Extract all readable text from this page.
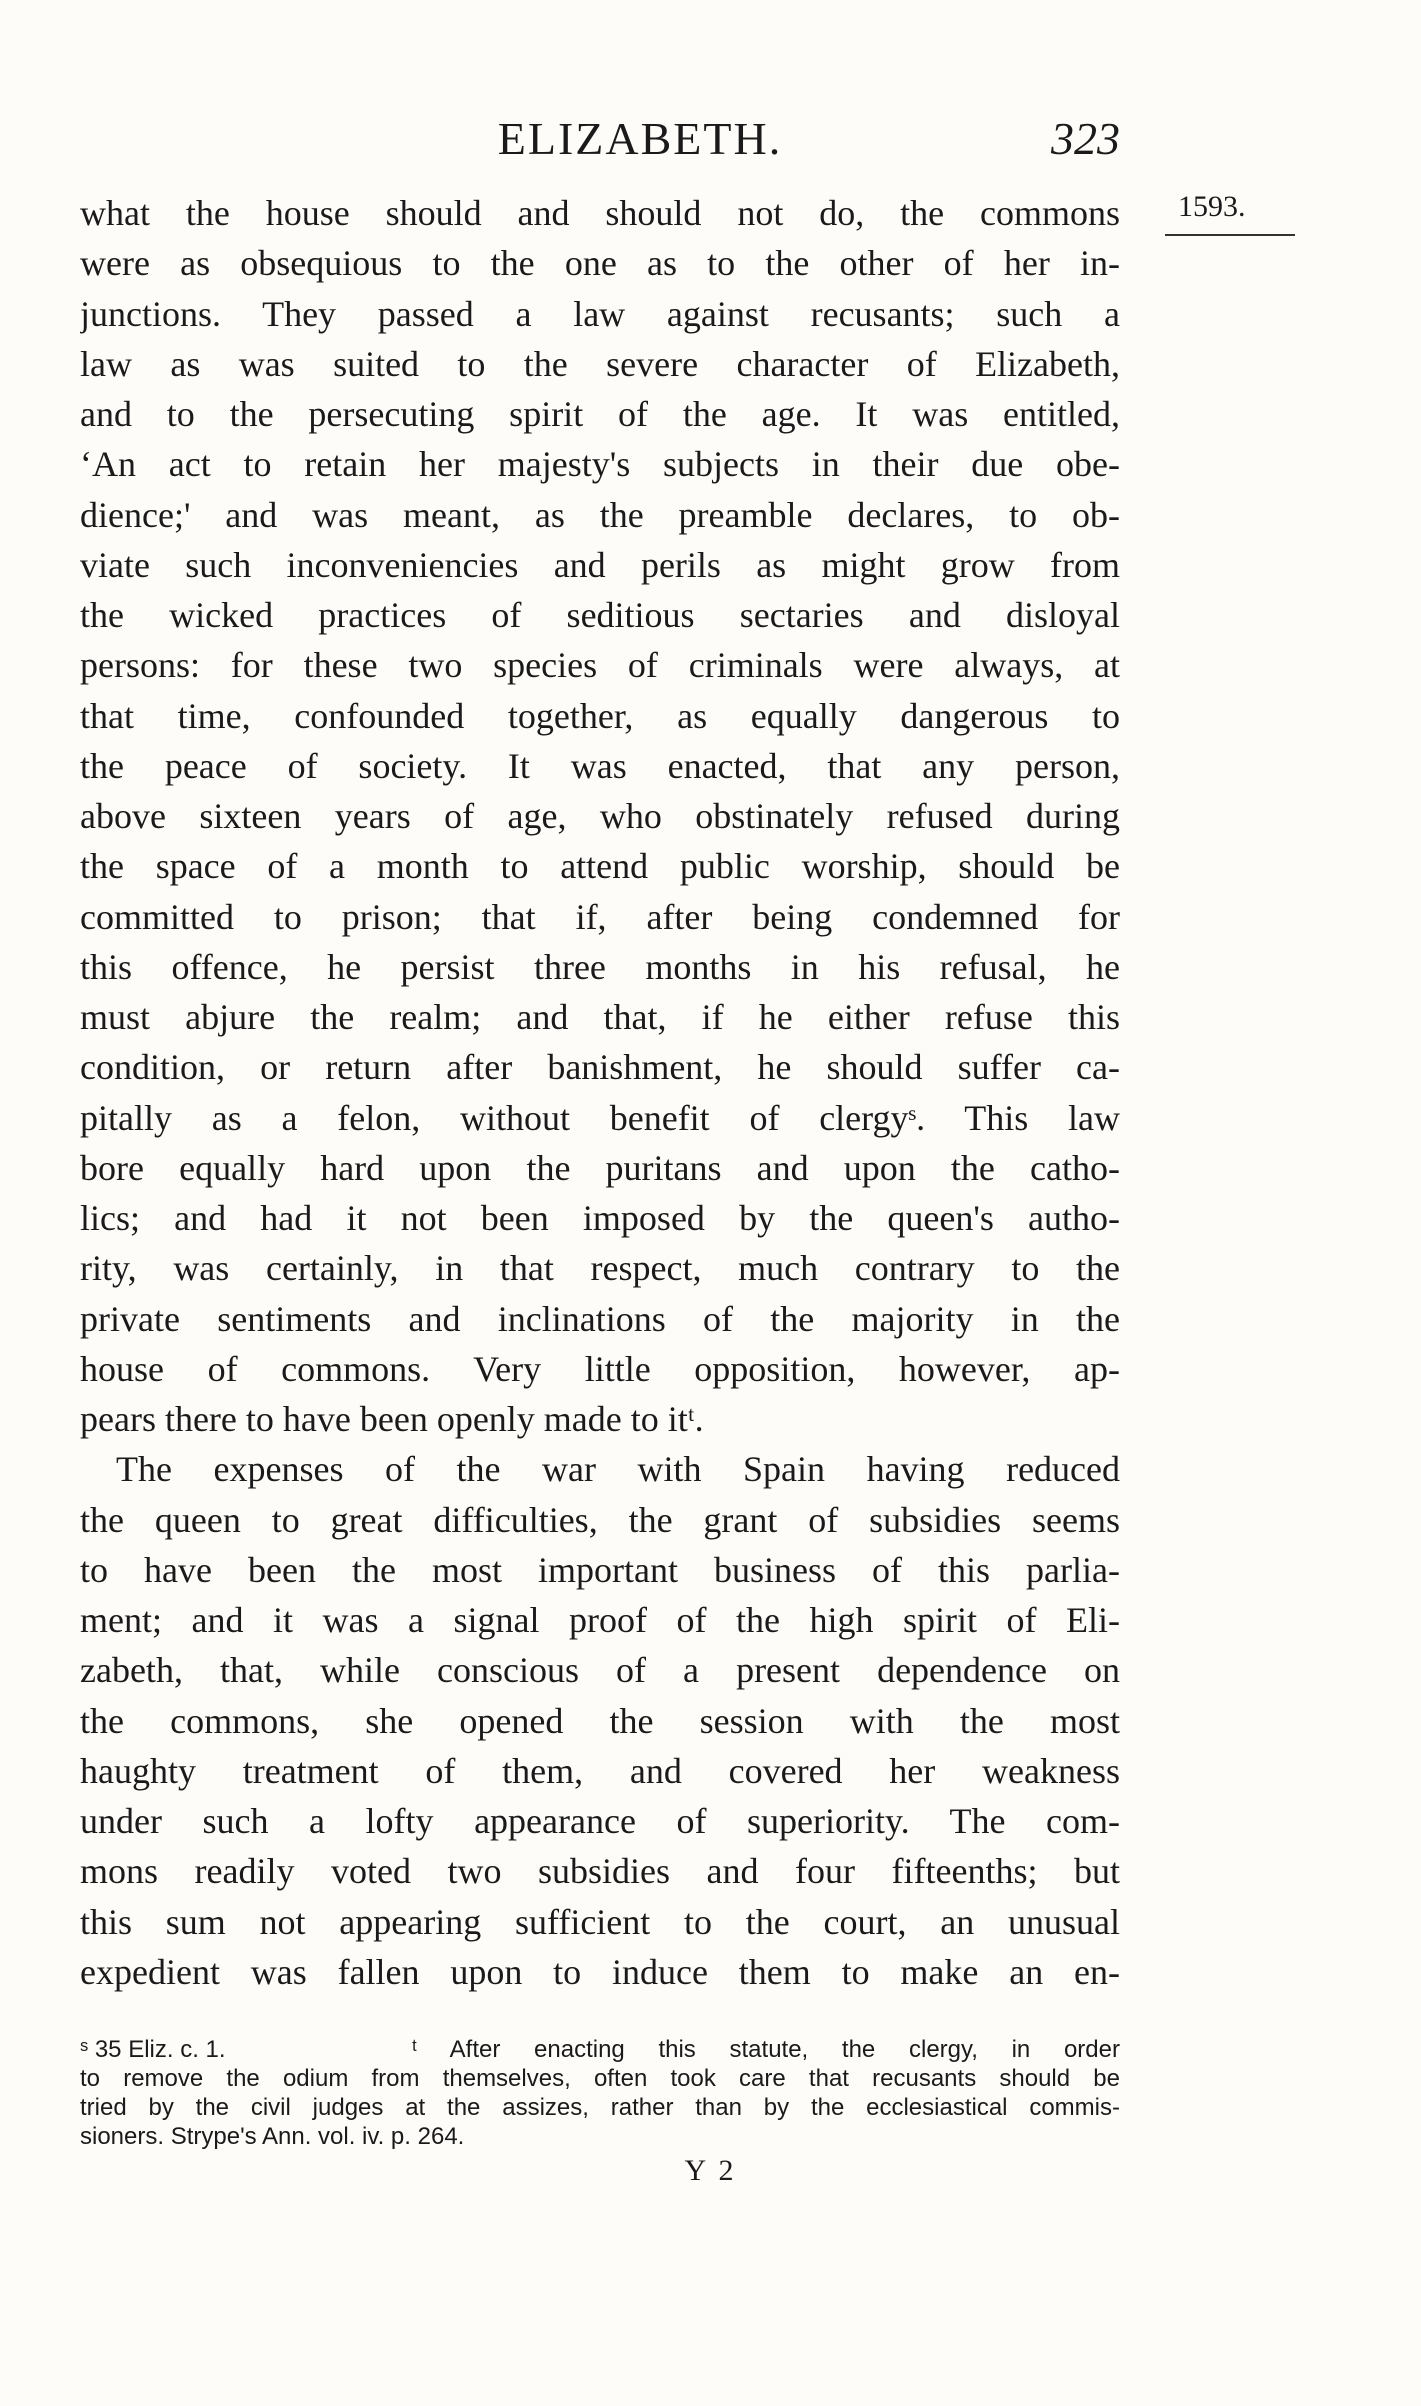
ELIZABETH.	323
1593.
what the house should and should not do, the commons
were as obsequious to the one as to the other of her in-
junctions. They passed a law against recusants; such a
law as was suited to the severe character of Elizabeth,
and to the persecuting spirit of the age. It was entitled,
‘An act to retain her majesty's subjects in their due obe-
dience;' and was meant, as the preamble declares, to ob-
viate such inconveniencies and perils as might grow from
the wicked practices of seditious sectaries and disloyal
persons: for these two species of criminals were always, at
that time, confounded together, as equally dangerous to
the peace of society. It was enacted, that any person,
above sixteen years of age, who obstinately refused during
the space of a month to attend public worship, should be
committed to prison; that if, after being condemned for
this offence, he persist three months in his refusal, he
must abjure the realm; and that, if he either refuse this
condition, or return after banishment, he should suffer ca-
pitally as a felon, without benefit of clergyˢ. This law
bore equally hard upon the puritans and upon the catho-
lics; and had it not been imposed by the queen's autho-
rity, was certainly, in that respect, much contrary to the
private sentiments and inclinations of the majority in the
house of commons. Very little opposition, however, ap-
pears there to have been openly made to itᵗ.
The expenses of the war with Spain having reduced
the queen to great difficulties, the grant of subsidies seems
to have been the most important business of this parlia-
ment; and it was a signal proof of the high spirit of Eli-
zabeth, that, while conscious of a present dependence on
the commons, she opened the session with the most
haughty treatment of them, and covered her weakness
under such a lofty appearance of superiority. The com-
mons readily voted two subsidies and four fifteenths; but
this sum not appearing sufficient to the court, an unusual
expedient was fallen upon to induce them to make an en-
ˢ 35 Eliz. c. 1.	ᵗ After enacting this statute, the clergy, in order
to remove the odium from themselves, often took care that recusants should be
tried by the civil judges at the assizes, rather than by the ecclesiastical commis-
sioners. Strype's Ann. vol. iv. p. 264.
Y 2
